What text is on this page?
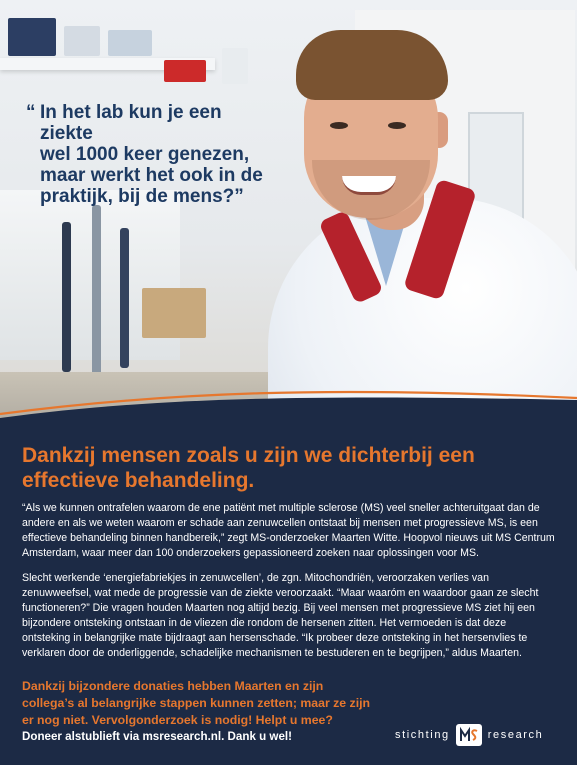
“ In het lab kun je een ziekte
wel 1000 keer genezen,
maar werkt het ook in de
praktijk, bij de mens?”

Dankzij mensen zoals u zijn we dichterbij een effectieve behandeling.

“Als we kunnen ontrafelen waarom de ene patiënt met multiple sclerose (MS) veel sneller achteruitgaat dan de andere en als we weten waarom er schade aan zenuwcellen ontstaat bij mensen met progressieve MS, is een effectieve behandeling binnen handbereik,” zegt MS-onderzoeker Maarten Witte. Hoopvol nieuws uit MS Centrum Amsterdam, waar meer dan 100 onderzoekers gepassioneerd zoeken naar oplossingen voor MS.

Slecht werkende ‘energiefabriekjes in zenuwcellen’, de zgn. Mitochondriën, veroorzaken verlies van zenuwweefsel, wat mede de progressie van de ziekte veroorzaakt. “Maar waaróm en waardoor gaan ze slecht functioneren?” Die vragen houden Maarten nog altijd bezig. Bij veel mensen met progressieve MS ziet hij een bijzondere ontsteking ontstaan in de vliezen die rondom de hersenen zitten. Het vermoeden is dat deze ontsteking in belangrijke mate bijdraagt aan hersenschade. “Ik probeer deze ontsteking in het hersenvlies te verklaren door de onderliggende, schadelijke mechanismen te bestuderen en te begrijpen,” aldus Maarten.

Dankzij bijzondere donaties hebben Maarten en zijn collega’s al belangrijke stappen kunnen zetten; maar ze zijn er nog niet. Vervolgonderzoek is nodig! Helpt u mee?

Doneer alstublieft via msresearch.nl. Dank u wel!	stichting	research
